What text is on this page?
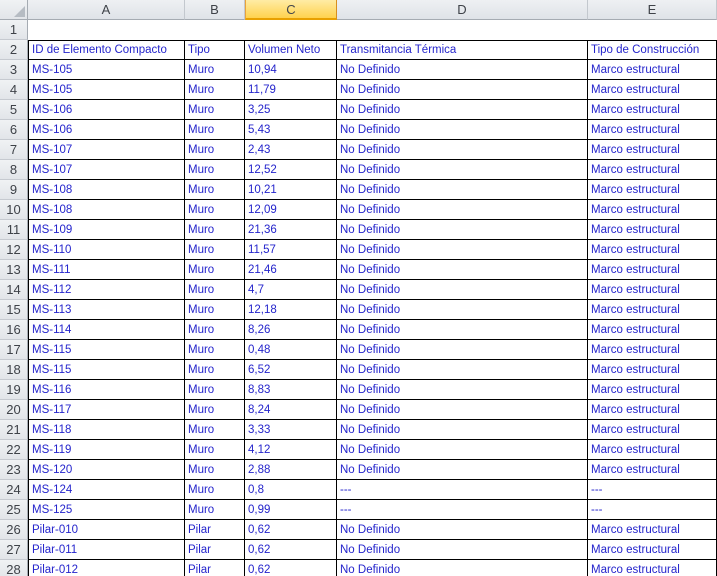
A	B	C	D	E
1
2	ID de Elemento Compacto	Tipo	Volumen Neto	Transmitancia Térmica	Tipo de Construcción
3	MS-105	Muro	10,94	No Definido	Marco estructural
4	MS-105	Muro	11,79	No Definido	Marco estructural
5	MS-106	Muro	3,25	No Definido	Marco estructural
6	MS-106	Muro	5,43	No Definido	Marco estructural
7	MS-107	Muro	2,43	No Definido	Marco estructural
8	MS-107	Muro	12,52	No Definido	Marco estructural
9	MS-108	Muro	10,21	No Definido	Marco estructural
10 MS-108	Muro	12,09	No Definido	Marco estructural
11	MS-109	Muro	21,36	No Definido	Marco estructural
12 MS-110	Muro	11,57	No Definido	Marco estructural
13 MS-111	Muro	21,46	No Definido	Marco estructural
14 MS-112	Muro	4,7	No Definido	Marco estructural
15 MS-113	Muro	12,18	No Definido	Marco estructural
16 MS-114	Muro	8,26	No Definido	Marco estructural
17 MS-115	Muro	0,48	No Definido	Marco estructural
18 MS-115	Muro	6,52	No Definido	Marco estructural
19 MS-116	Muro	8,83	No Definido	Marco estructural
20 MS-117	Muro	8,24	No Definido	Marco estructural
21 MS-118	Muro	3,33	No Definido	Marco estructural
22 MS-119	Muro	4,12	No Definido	Marco estructural
23 MS-120	Muro	2,88	No Definido	Marco estructural
24 MS-124	Muro	0,8	---	---
25 MS-125	Muro	0,99	---	---
26 Pilar-010	Pilar	0,62	No Definido	Marco estructural
27 Pilar-011	Pilar	0,62	No Definido	Marco estructural
28 Pilar-012	Pilar	0,62	No Definido	Marco estructural
